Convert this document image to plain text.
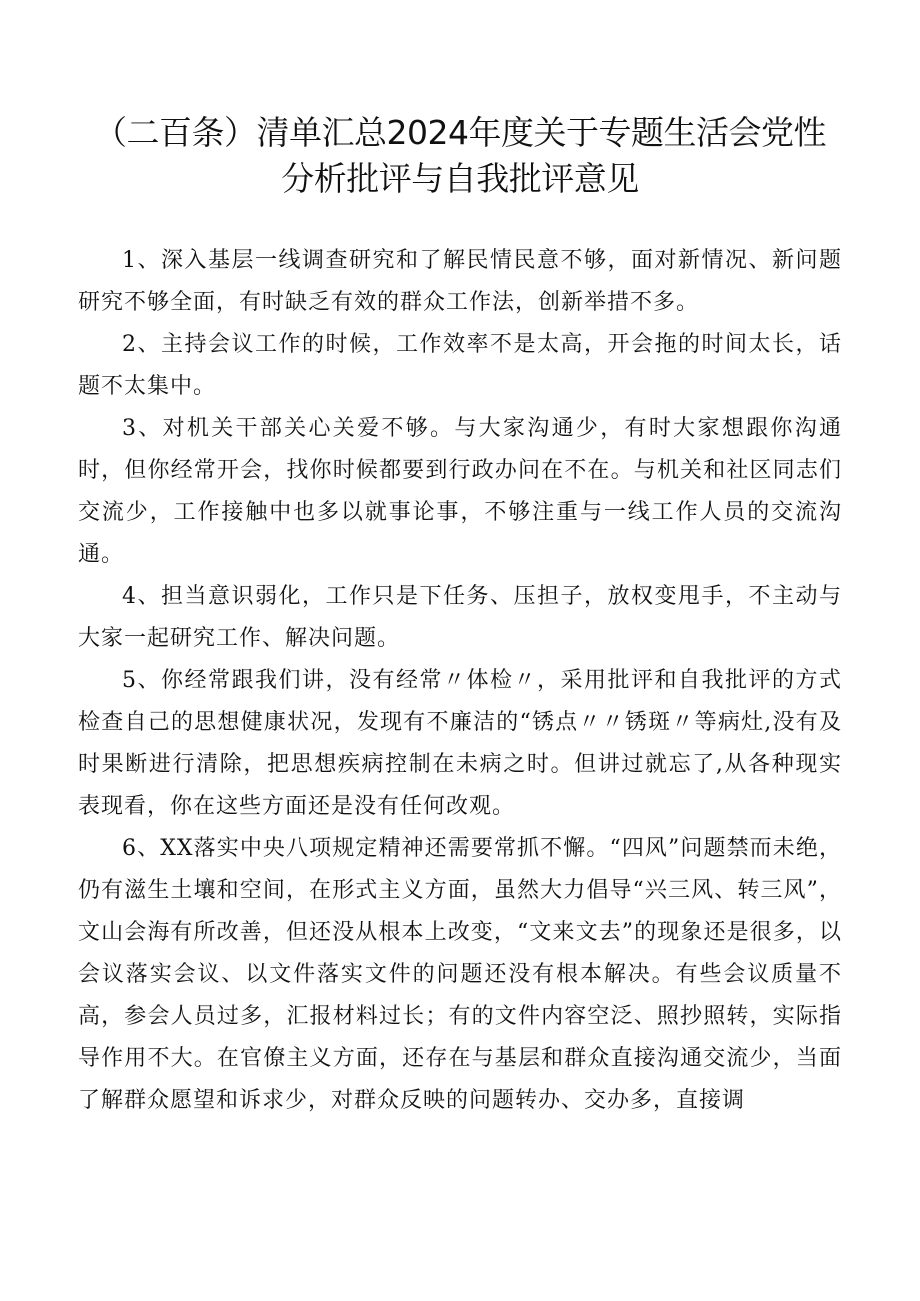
（二百条）清单汇总2024年度关于专题生活会党性分析批评与自我批评意见

1、深入基层一线调查研究和了解民情民意不够，面对新情况、新问题研究不够全面，有时缺乏有效的群众工作法，创新举措不多。

2、主持会议工作的时候，工作效率不是太高，开会拖的时间太长，话题不太集中。

3、对机关干部关心关爱不够。与大家沟通少，有时大家想跟你沟通时，但你经常开会，找你时候都要到行政办问在不在。与机关和社区同志们交流少，工作接触中也多以就事论事，不够注重与一线工作人员的交流沟通。

4、担当意识弱化，工作只是下任务、压担子，放权变甩手，不主动与大家一起研究工作、解决问题。

5、你经常跟我们讲，没有经常〃体检〃，采用批评和自我批评的方式检查自己的思想健康状况，发现有不廉洁的“锈点〃〃锈斑〃等病灶,没有及时果断进行清除，把思想疾病控制在未病之时。但讲过就忘了,从各种现实表现看，你在这些方面还是没有任何改观。

6、XX落实中央八项规定精神还需要常抓不懈。“四风”问题禁而未绝，仍有滋生土壤和空间，在形式主义方面，虽然大力倡导“兴三风、转三风”，文山会海有所改善，但还没从根本上改变，“文来文去”的现象还是很多，以会议落实会议、以文件落实文件的问题还没有根本解决。有些会议质量不高，参会人员过多，汇报材料过长；有的文件内容空泛、照抄照转，实际指导作用不大。在官僚主义方面，还存在与基层和群众直接沟通交流少，当面了解群众愿望和诉求少，对群众反映的问题转办、交办多，直接调
